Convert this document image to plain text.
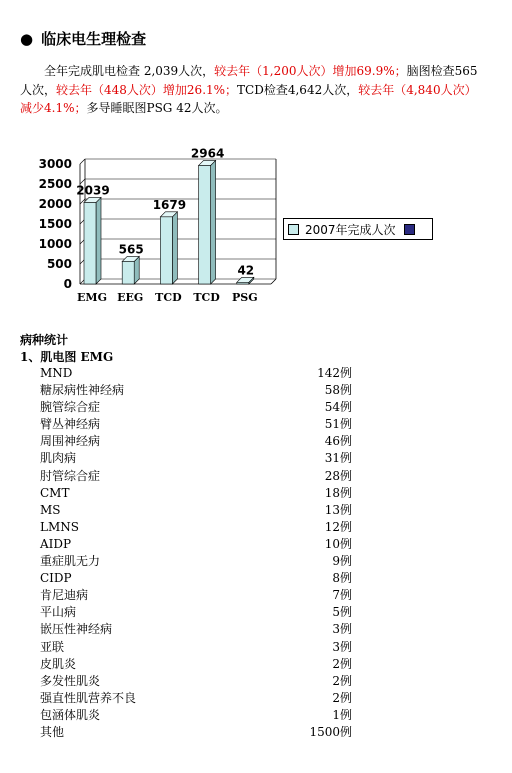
● 临床电生理检查
全年完成肌电检查 2,039人次，较去年（1,200人次）增加69.9%；脑图检查565人次，较去年（448人次）增加26.1%；TCD检查4,642人次，较去年（4,840人次）减少4.1%；多导睡眠图PSG 42人次。
0
500
1000
1500
2000
2500
3000
2039
EMG
565
EEG
1679
TCD
2964
TCD
42
PSG
2007年完成人次
病种统计
1、肌电图 EMG
MND	142例
糖尿病性神经病	58例
腕管综合症	54例
臂丛神经病	51例
周围神经病	46例
肌肉病	31例
肘管综合症	28例
CMT	18例
MS	13例
LMNS	12例
AIDP	10例
重症肌无力	9例
CIDP	8例
肯尼迪病	7例
平山病	5例
嵌压性神经病	3例
亚联	3例
皮肌炎	2例
多发性肌炎	2例
强直性肌营养不良	2例
包涵体肌炎	1例
其他	1500例
